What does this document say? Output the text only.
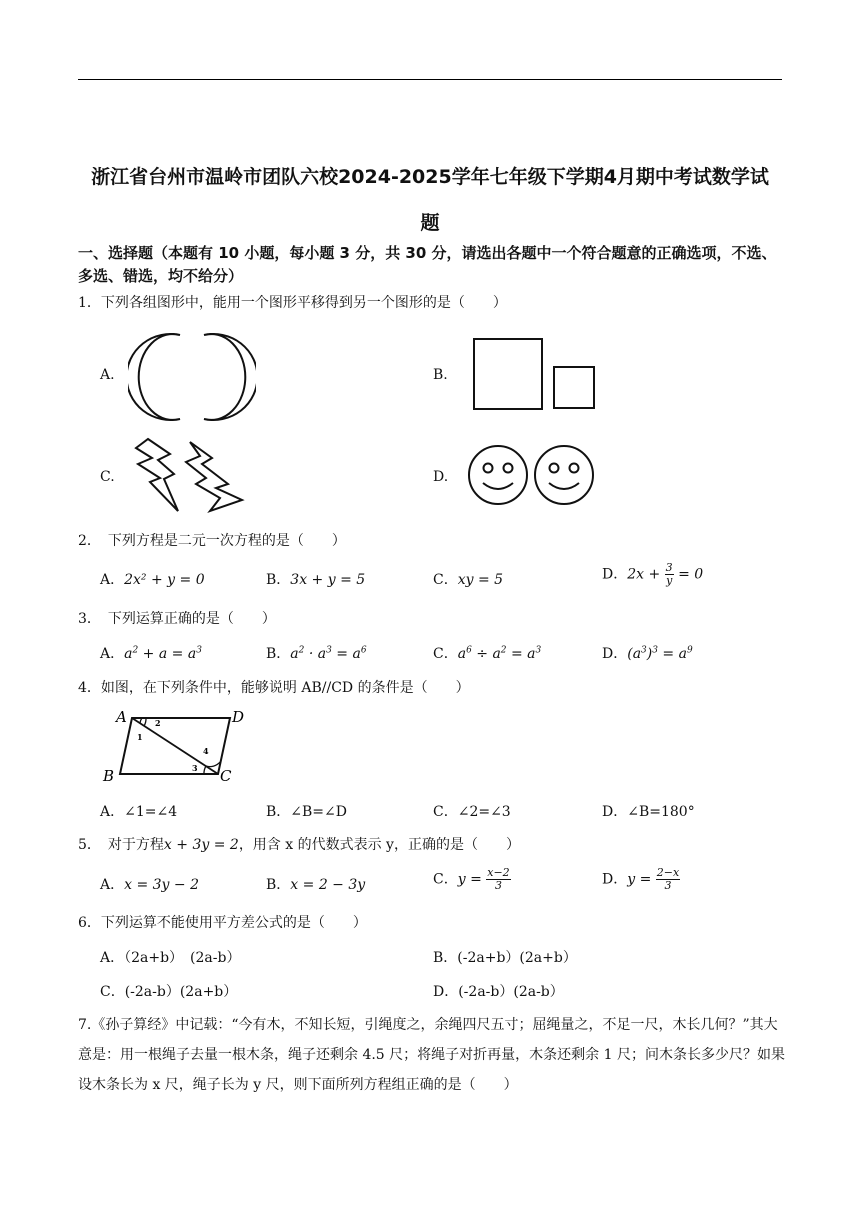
浙江省台州市温岭市团队六校2024-2025学年七年级下学期4月期中考试数学试
题
一、选择题（本题有 10 小题，每小题 3 分，共 30 分，请选出各题中一个符合题意的正确选项，不选、多选、错选，均不给分）
1．下列各组图形中，能用一个图形平移得到另一个图形的是（　　）
A.	B.
C.	D.
2．　下列方程是二元一次方程的是（　　）
A．2x² + y = 0	B．3x + y = 5	C．xy = 5	D．$2x + \frac{3}{y} = 0$
3．　下列运算正确的是（　　）
A．$a^2 + a = a^3$	B．$a^2 \cdot a^3 = a^6$	C．$a^6 \div a^2 = a^3$	D．$(a^3)^3 = a^9$
4．如图，在下列条件中，能够说明 AB//CD 的条件是（　　）
A
B	C
D
1
2
3
4
A．∠1=∠4	B．∠B=∠D	C．∠2=∠3	D．∠B=180°
5．　对于方程x + 3y = 2，用含 x 的代数式表示 y，正确的是（　　）
A．x = 3y − 2	B．x = 2 − 3y	C．$y = \frac{x-2}{3}$	D．$y = \frac{2-x}{3}$
6．下列运算不能使用平方差公式的是（　　）
A．（2a+b）　(2a-b）	B．(-2a+b）(2a+b）
C．(-2a-b）(2a+b）	D．(-2a-b）(2a-b）
7.《孙子算经》中记载：“今有木，不知长短，引绳度之，余绳四尺五寸；屈绳量之，不足一尺，木长几何？”其大意是：用一根绳子去量一根木条，绳子还剩余 4.5 尺；将绳子对折再量，木条还剩余 1 尺；问木条长多少尺？如果设木条长为 x 尺，绳子长为 y 尺，则下面所列方程组正确的是（　　）
